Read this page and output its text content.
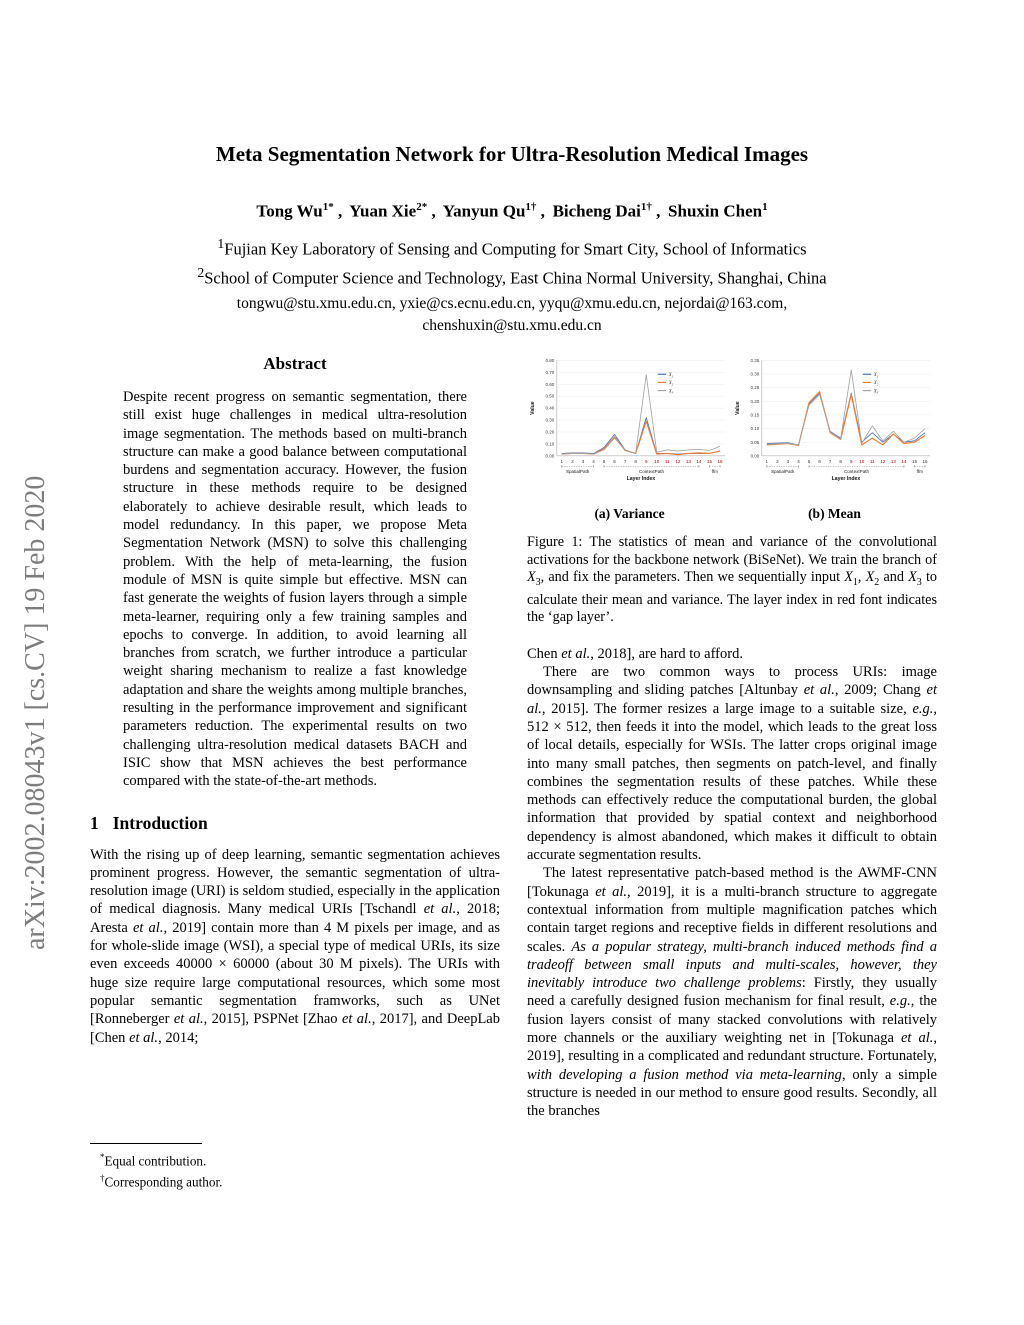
arXiv:2002.08043v1 [cs.CV] 19 Feb 2020
Meta Segmentation Network for Ultra-Resolution Medical Images
Tong $Wu^{1*}$ ,  Yuan Xie$^{2*}$ ,  Yanyun $Qu^{1\dagger}$ ,  Bicheng Dai$^{1\dagger}$ ,  Shuxin Chen$^1$
$^1$Fujian Key Laboratory of Sensing and Computing for Smart City, School of Informatics
$^2$School of Computer Science and Technology, East China Normal University, Shanghai, China
tongwu@stu.xmu.edu.cn, yxie@cs.ecnu.edu.cn, yyqu@xmu.edu.cn, nejordai@163.com,
chenshuxin@stu.xmu.edu.cn
Abstract

Despite recent progress on semantic segmentation, there still exist huge challenges in medical ultra-resolution image segmentation. The methods based on multi-branch structure can make a good balance between computational burdens and segmentation accuracy. However, the fusion structure in these methods require to be designed elaborately to achieve desirable result, which leads to model redundancy. In this paper, we propose Meta Segmentation Network (MSN) to solve this challenging problem. With the help of meta-learning, the fusion module of MSN is quite simple but effective. MSN can fast generate the weights of fusion layers through a simple meta-learner, requiring only a few training samples and epochs to converge. In addition, to avoid learning all branches from scratch, we further introduce a particular weight sharing mechanism to realize a fast knowledge adaptation and share the weights among multiple branches, resulting in the performance improvement and significant parameters reduction. The experimental results on two challenging ultra-resolution medical datasets BACH and ISIC show that MSN achieves the best performance compared with the state-of-the-art methods.

1 Introduction

With the rising up of deep learning, semantic segmentation achieves prominent progress. However, the semantic segmentation of ultra-resolution image (URI) is seldom studied, especially in the application of medical diagnosis. Many medical URIs [Tschandl et al., 2018; Aresta et al., 2019] contain more than 4 M pixels per image, and as for whole-slide image (WSI), a special type of medical URIs, its size even exceeds 40000 × 60000 (about 30 M pixels). The URIs with huge size require large computational resources, which some most popular semantic segmentation framworks, such as UNet [Ronneberger et al., 2015], PSPNet [Zhao et al., 2017], and DeepLab [Chen et al., 2014;

*Equal contribution.
†Corresponding author.
0.00
0.10
0.20
0.30
0.40
0.50
0.60
0.70
0.80
1 2 3 4 5 6 7 8 9 10 11 12 13 14 15 16
SpatialPath	ContextPath	ffm
Layer Index
Value
$X_1$
$X_2$
$X_3$
(a) Variance
0.00
0.05
0.10
0.15
0.20
0.25
0.30
0.35
1 2 3 4 5 6 7 8 9 10 11 12 13 14 15 16
SpatialPath	ContextPath	ffm
Layer Index
Value
$X_1$
$X_2$
$X_3$
(b) Mean
Figure 1: The statistics of mean and variance of the convolutional activations for the backbone network (BiSeNet). We train the branch of $X_3$, and fix the parameters. Then we sequentially input $X_1$, $X_2$ and $X_3$ to calculate their mean and variance. The layer index in red font indicates the ‘gap layer’.

Chen et al., 2018], are hard to afford.

There are two common ways to process URIs: image downsampling and sliding patches [Altunbay et al., 2009; Chang et al., 2015]. The former resizes a large image to a suitable size, e.g., 512 × 512, then feeds it into the model, which leads to the great loss of local details, especially for WSIs. The latter crops original image into many small patches, then segments on patch-level, and finally combines the segmentation results of these patches. While these methods can effectively reduce the computational burden, the global information that provided by spatial context and neighborhood dependency is almost abandoned, which makes it difficult to obtain accurate segmentation results.

The latest representative patch-based method is the AWMF-CNN [Tokunaga et al., 2019], it is a multi-branch structure to aggregate contextual information from multiple magnification patches which contain target regions and receptive fields in different resolutions and scales. As a popular strategy, multi-branch induced methods find a tradeoff between small inputs and multi-scales, however, they inevitably introduce two challenge problems: Firstly, they usually need a carefully designed fusion mechanism for final result, e.g., the fusion layers consist of many stacked convolutions with relatively more channels or the auxiliary weighting net in [Tokunaga et al., 2019], resulting in a complicated and redundant structure. Fortunately, with developing a fusion method via meta-learning, only a simple structure is needed in our method to ensure good results. Secondly, all the branches
